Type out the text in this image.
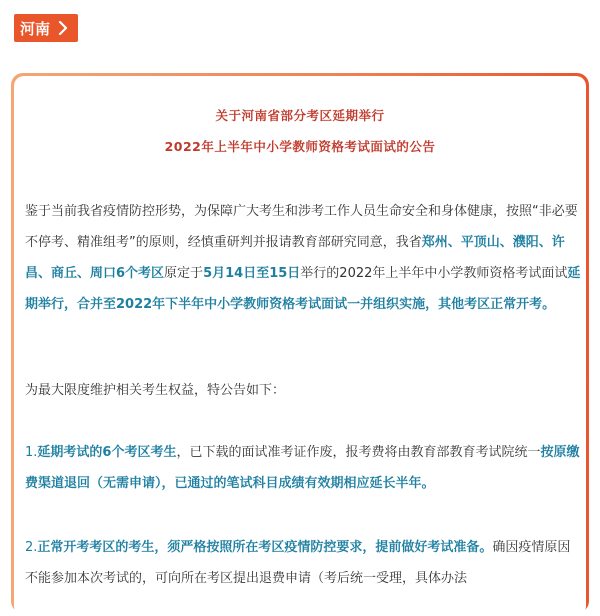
河南
关于河南省部分考区延期举行
2022年上半年中小学教师资格考试面试的公告
鉴于当前我省疫情防控形势，为保障广大考生和涉考工作人员生命安全和身体健康，按照“非必要不停考、精准组考”的原则，经慎重研判并报请教育部研究同意，我省郑州、平顶山、濮阳、许昌、商丘、周口6个考区原定于5月14日至15日举行的2022年上半年中小学教师资格考试面试延期举行，合并至2022年下半年中小学教师资格考试面试一并组织实施，其他考区正常开考。
为最大限度维护相关考生权益，特公告如下：
1.延期考试的6个考区考生，已下载的面试准考证作废，报考费将由教育部教育考试院统一按原缴费渠道退回（无需申请），已通过的笔试科目成绩有效期相应延长半年。
2.正常开考考区的考生，须严格按照所在考区疫情防控要求，提前做好考试准备。确因疫情原因不能参加本次考试的，可向所在考区提出退费申请（考后统一受理，具体办法
